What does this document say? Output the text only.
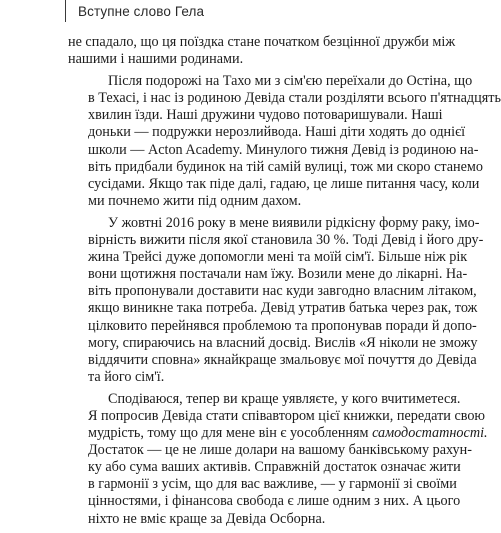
Вступне слово Гела
не спадало, що ця поїздка стане початком безцінної дружби між
нашими і нашими родинами.
Після подорожі на Тахо ми з сім'єю переїхали до Остіна, що
в Техасі, і нас із родиною Девіда стали розділяти всього п'ятнадцять
хвилин їзди. Наші дружини чудово потоваришували. Наші
доньки — подружки нерозлийвода. Наші діти ходять до однієї
школи — Acton Academy. Минулого тижня Девід із родиною на-
віть придбали будинок на тій самій вулиці, тож ми скоро станемо
сусідами. Якщо так піде далі, гадаю, це лише питання часу, коли
ми почнемо жити під одним дахом.
У жовтні 2016 року в мене виявили рідкісну форму раку, імо-
вірність вижити після якої становила 30 %. Тоді Девід і його дру-
жина Трейсі дуже допомогли мені та моїй сім'ї. Більше ніж рік
вони щотижня постачали нам їжу. Возили мене до лікарні. На-
віть пропонували доставити нас куди завгодно власним літаком,
якщо виникне така потреба. Девід утратив батька через рак, тож
цілковито перейнявся проблемою та пропонував поради й допо-
могу, спираючись на власний досвід. Вислів «Я ніколи не зможу
віддячити сповна» якнайкраще змальовує мої почуття до Девіда
та його сім'ї.
Сподіваюся, тепер ви краще уявляєте, у кого вчитиметеся.
Я попросив Девіда стати співавтором цієї книжки, передати свою
мудрість, тому що для мене він є уособленням самодостатності.
Достаток — це не лише долари на вашому банківському рахун-
ку або сума ваших активів. Справжній достаток означає жити
в гармонії з усім, що для вас важливе, — у гармонії зі своїми
цінностями, і фінансова свобода є лише одним з них. А цього
ніхто не вміє краще за Девіда Осборна.
